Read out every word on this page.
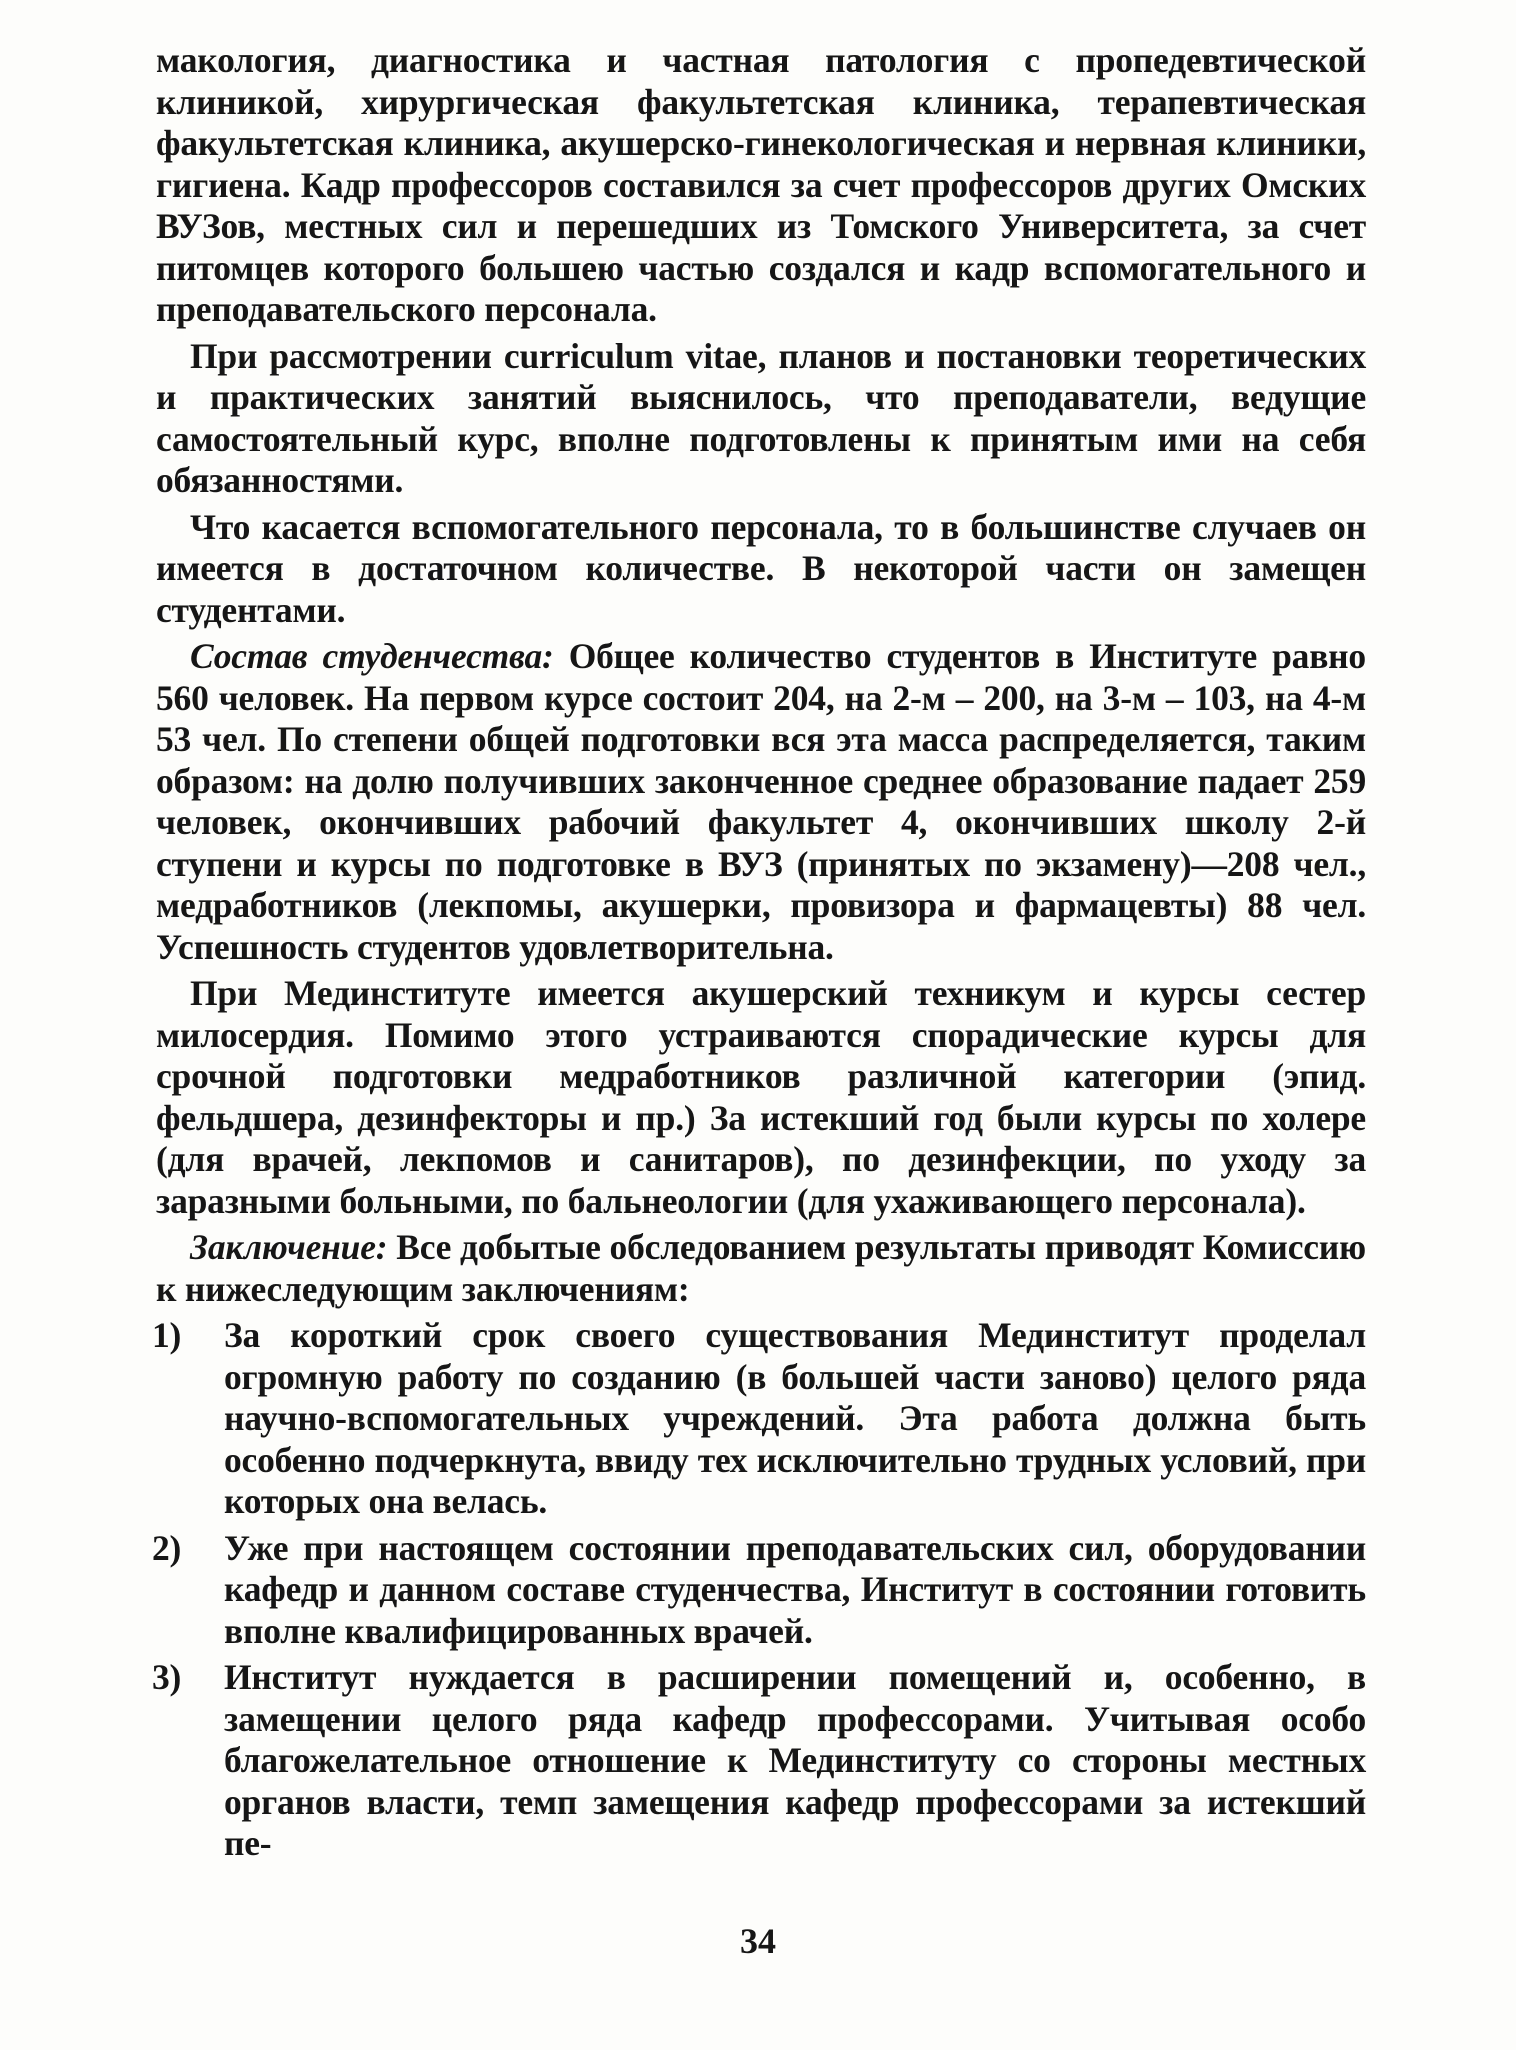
макология, диагностика и частная патология с пропедевтической клиникой, хирургическая факультетская клиника, терапевтическая факультетская клиника, акушерско-гинекологическая и нервная клиники, гигиена. Кадр профессоров составился за счет профессоров других Омских ВУЗов, местных сил и перешедших из Томского Университета, за счет питомцев которого большею частью создался и кадр вспомогательного и преподавательского персонала.

При рассмотрении curriculum vitae, планов и постановки теоретических и практических занятий выяснилось, что преподаватели, ведущие самостоятельный курс, вполне подготовлены к принятым ими на себя обязанностями.

Что касается вспомогательного персонала, то в большинстве случаев он имеется в достаточном количестве. В некоторой части он замещен студентами.

Состав студенчества: Общее количество студентов в Институте равно 560 человек. На первом курсе состоит 204, на 2-м – 200, на 3-м – 103, на 4-м 53 чел. По степени общей подготовки вся эта масса распределяется, таким образом: на долю получивших законченное среднее образование падает 259 человек, окончивших рабочий факультет 4, окончивших школу 2-й ступени и курсы по подготовке в ВУЗ (принятых по экзамену)—208 чел., медработников (лекпомы, акушерки, провизора и фармацевты) 88 чел. Успешность студентов удовлетворительна.

При Мединституте имеется акушерский техникум и курсы сестер милосердия. Помимо этого устраиваются спорадические курсы для срочной подготовки медработников различной категории (эпид. фельдшера, дезинфекторы и пр.) За истекший год были курсы по холере (для врачей, лекпомов и санитаров), по дезинфекции, по уходу за заразными больными, по бальнеологии (для ухаживающего персонала).

Заключение: Все добытые обследованием результаты приводят Комиссию к нижеследующим заключениям:

1) За короткий срок своего существования Мединститут проделал огромную работу по созданию (в большей части заново) целого ряда научно-вспомогательных учреждений. Эта работа должна быть особенно подчеркнута, ввиду тех исключительно трудных условий, при которых она велась.

2) Уже при настоящем состоянии преподавательских сил, оборудовании кафедр и данном составе студенчества, Институт в состоянии готовить вполне квалифицированных врачей.

3) Институт нуждается в расширении помещений и, особенно, в замещении целого ряда кафедр профессорами. Учитывая особо благожелательное отношение к Мединституту со стороны местных органов власти, темп замещения кафедр профессорами за истекший пе-

34
